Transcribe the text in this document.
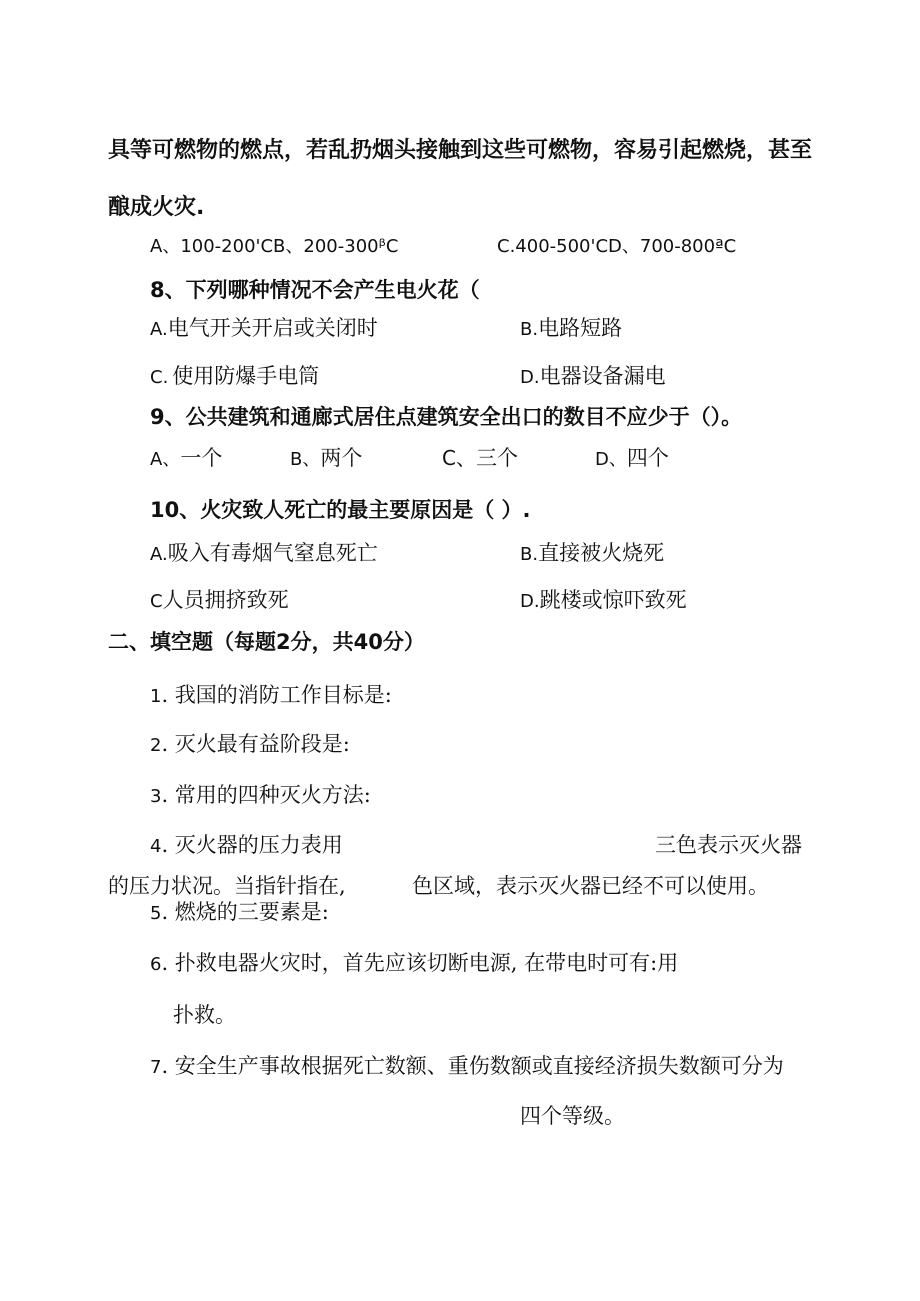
具等可燃物的燃点，若乱扔烟头接触到这些可燃物，容易引起燃烧，甚至
酿成火灾.
A、100-200'CB、200-300ᵝC	C.400-500'CD、700-800ªC
8、下列哪种情况不会产生电火花（
A.电气开关开启或关闭时	B.电路短路
C. 使用防爆手电筒	D.电器设备漏电
9、公共建筑和通廊式居住点建筑安全出口的数目不应少于（）。
A、一个	B、两个	C、三个	D、四个
10、火灾致人死亡的最主要原因是（ ）.
A.吸入有毒烟气窒息死亡	B.直接被火烧死
C人员拥挤致死	D.跳楼或惊吓致死
二、填空题（每题2分，共40分）
1. 我国的消防工作目标是:
2. 灭火最有益阶段是:
3. 常用的四种灭火方法:
4. 灭火器的压力表用	三色表示灭火器
的压力状况。当指针指在,	色区域，表示灭火器已经不可以使用。
5. 燃烧的三要素是:
6. 扑救电器火灾时，首先应该切断电源, 在带电时可有:用
扑救。
7. 安全生产事故根据死亡数额、重伤数额或直接经济损失数额可分为
四个等级。
